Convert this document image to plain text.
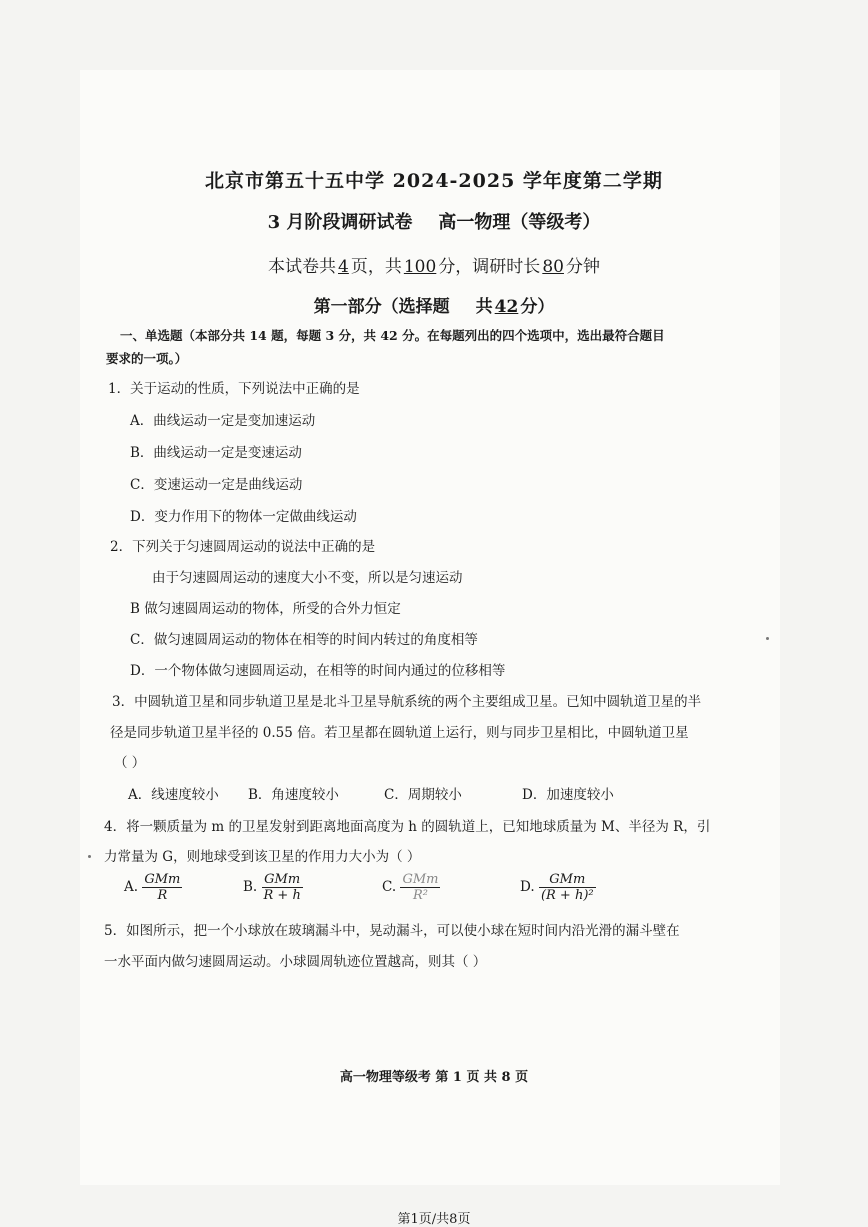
北京市第五十五中学 2024-2025 学年度第二学期
3 月阶段调研试卷 高一物理（等级考）
本试卷共 4 页，共 100 分，调研时长 80 分钟
第一部分（选择题 共 42 分）
一、单选题（本部分共 14 题，每题 3 分，共 42 分。在每题列出的四个选项中，选出最符合题目
要求的一项。）
1．关于运动的性质，下列说法中正确的是
A．曲线运动一定是变加速运动
B．曲线运动一定是变速运动
C．变速运动一定是曲线运动
D．变力作用下的物体一定做曲线运动
2．下列关于匀速圆周运动的说法中正确的是
由于匀速圆周运动的速度大小不变，所以是匀速运动
B 做匀速圆周运动的物体，所受的合外力恒定
C．做匀速圆周运动的物体在相等的时间内转过的角度相等
D．一个物体做匀速圆周运动，在相等的时间内通过的位移相等
3．中圆轨道卫星和同步轨道卫星是北斗卫星导航系统的两个主要组成卫星。已知中圆轨道卫星的半
径是同步轨道卫星半径的 0.55 倍。若卫星都在圆轨道上运行，则与同步卫星相比，中圆轨道卫星
（ ）
A．线速度较小 B．角速度较小	C．周期较小	D．加速度较小
4．将一颗质量为 m 的卫星发射到距离地面高度为 h 的圆轨道上，已知地球质量为 M、半径为 R，引
力常量为 G，则地球受到该卫星的作用力大小为（ ）
A. $\frac{\text{GMm}}{R}$	B. $\frac{\text{GMm}}{R + h}$	C. $\frac{\text{GMm}}{\text{R²}}$	D. $\frac{\text{GMm}}{\text{(R + h)²}}$
5．如图所示，把一个小球放在玻璃漏斗中，晃动漏斗，可以使小球在短时间内沿光滑的漏斗壁在
一水平面内做匀速圆周运动。小球圆周轨迹位置越高，则其（ ）
高一物理等级考 第 1 页 共 8 页
第1页/共8页
